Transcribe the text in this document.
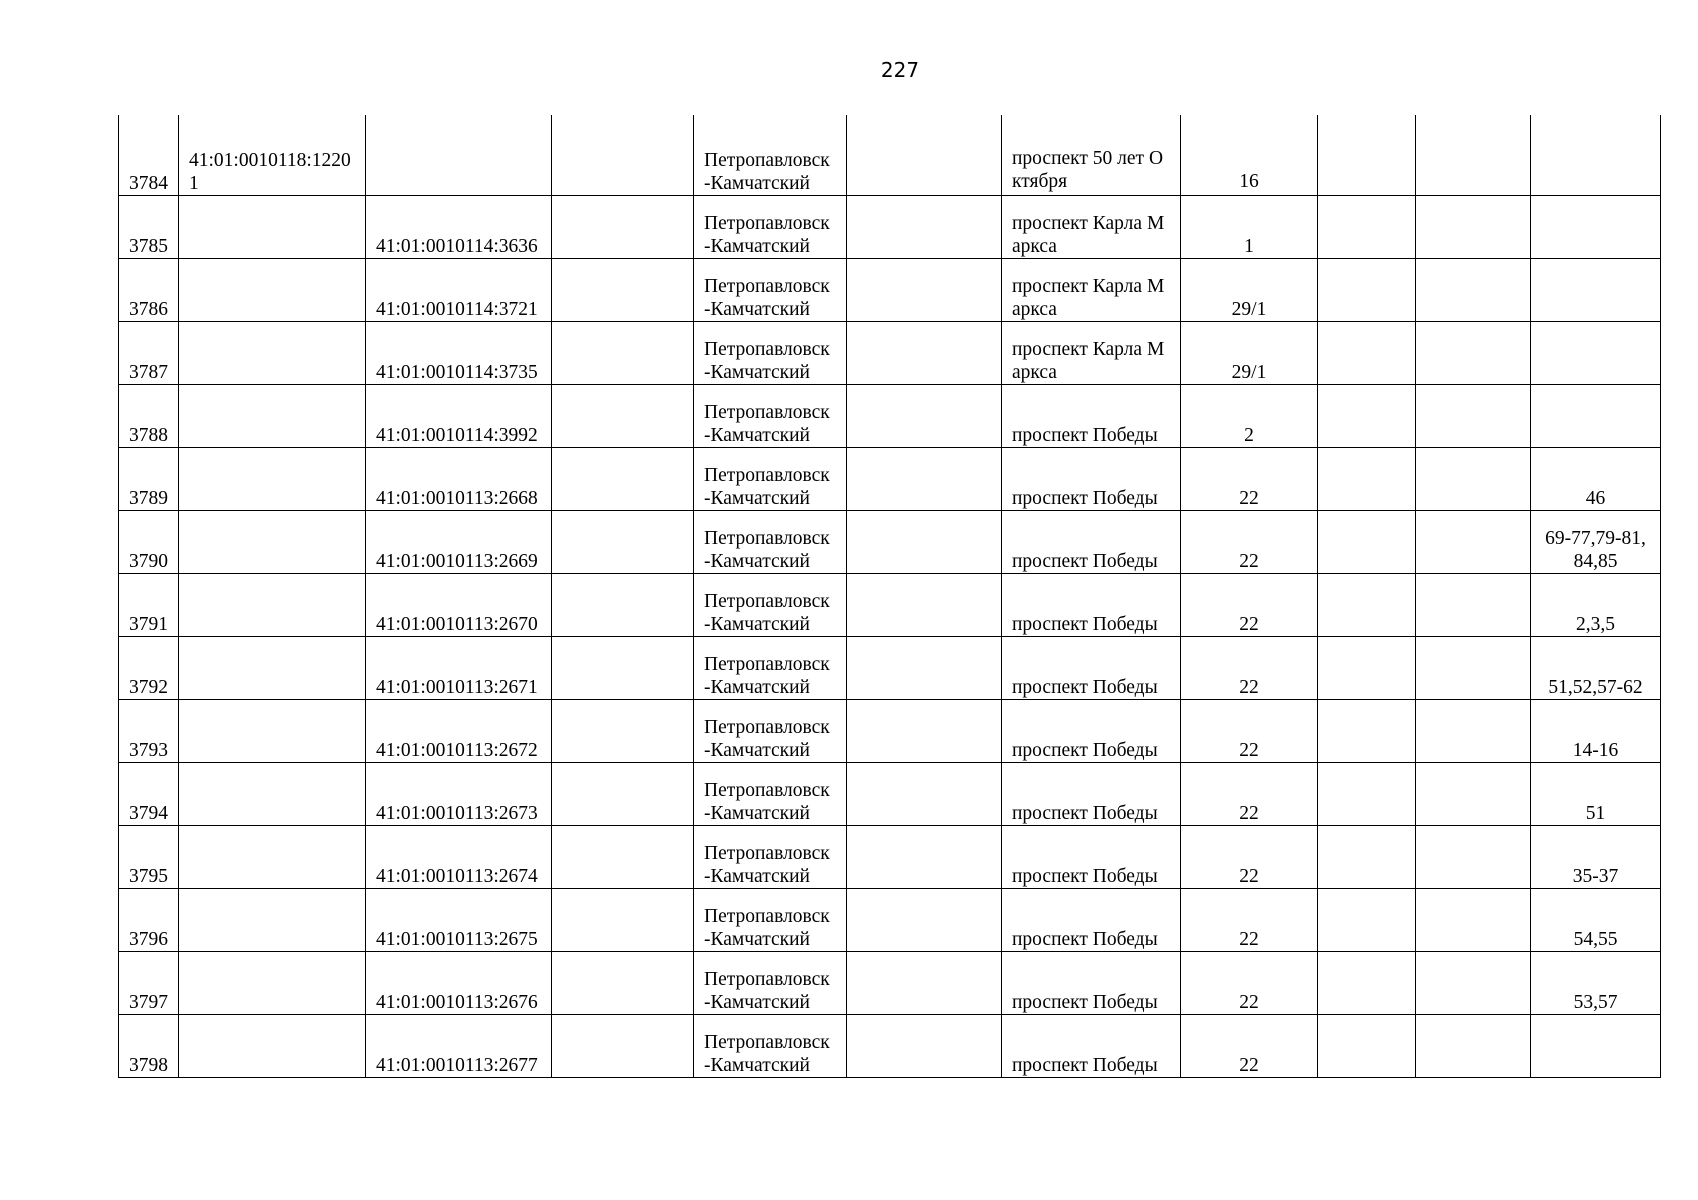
227
3784	41:01:0010118:12201			Петропавловск-Камчатский		проспект 50 лет Октября	16			
3785		41:01:0010114:3636		Петропавловск-Камчатский		проспект Карла Маркса	1			
3786		41:01:0010114:3721		Петропавловск-Камчатский		проспект Карла Маркса	29/1			
3787		41:01:0010114:3735		Петропавловск-Камчатский		проспект Карла Маркса	29/1			
3788		41:01:0010114:3992		Петропавловск-Камчатский		проспект Победы	2			
3789		41:01:0010113:2668		Петропавловск-Камчатский		проспект Победы	22			46
3790		41:01:0010113:2669		Петропавловск-Камчатский		проспект Победы	22			69-77,79-81,84,85
3791		41:01:0010113:2670		Петропавловск-Камчатский		проспект Победы	22			2,3,5
3792		41:01:0010113:2671		Петропавловск-Камчатский		проспект Победы	22			51,52,57-62
3793		41:01:0010113:2672		Петропавловск-Камчатский		проспект Победы	22			14-16
3794		41:01:0010113:2673		Петропавловск-Камчатский		проспект Победы	22			51
3795		41:01:0010113:2674		Петропавловск-Камчатский		проспект Победы	22			35-37
3796		41:01:0010113:2675		Петропавловск-Камчатский		проспект Победы	22			54,55
3797		41:01:0010113:2676		Петропавловск-Камчатский		проспект Победы	22			53,57
3798		41:01:0010113:2677		Петропавловск-Камчатский		проспект Победы	22			
